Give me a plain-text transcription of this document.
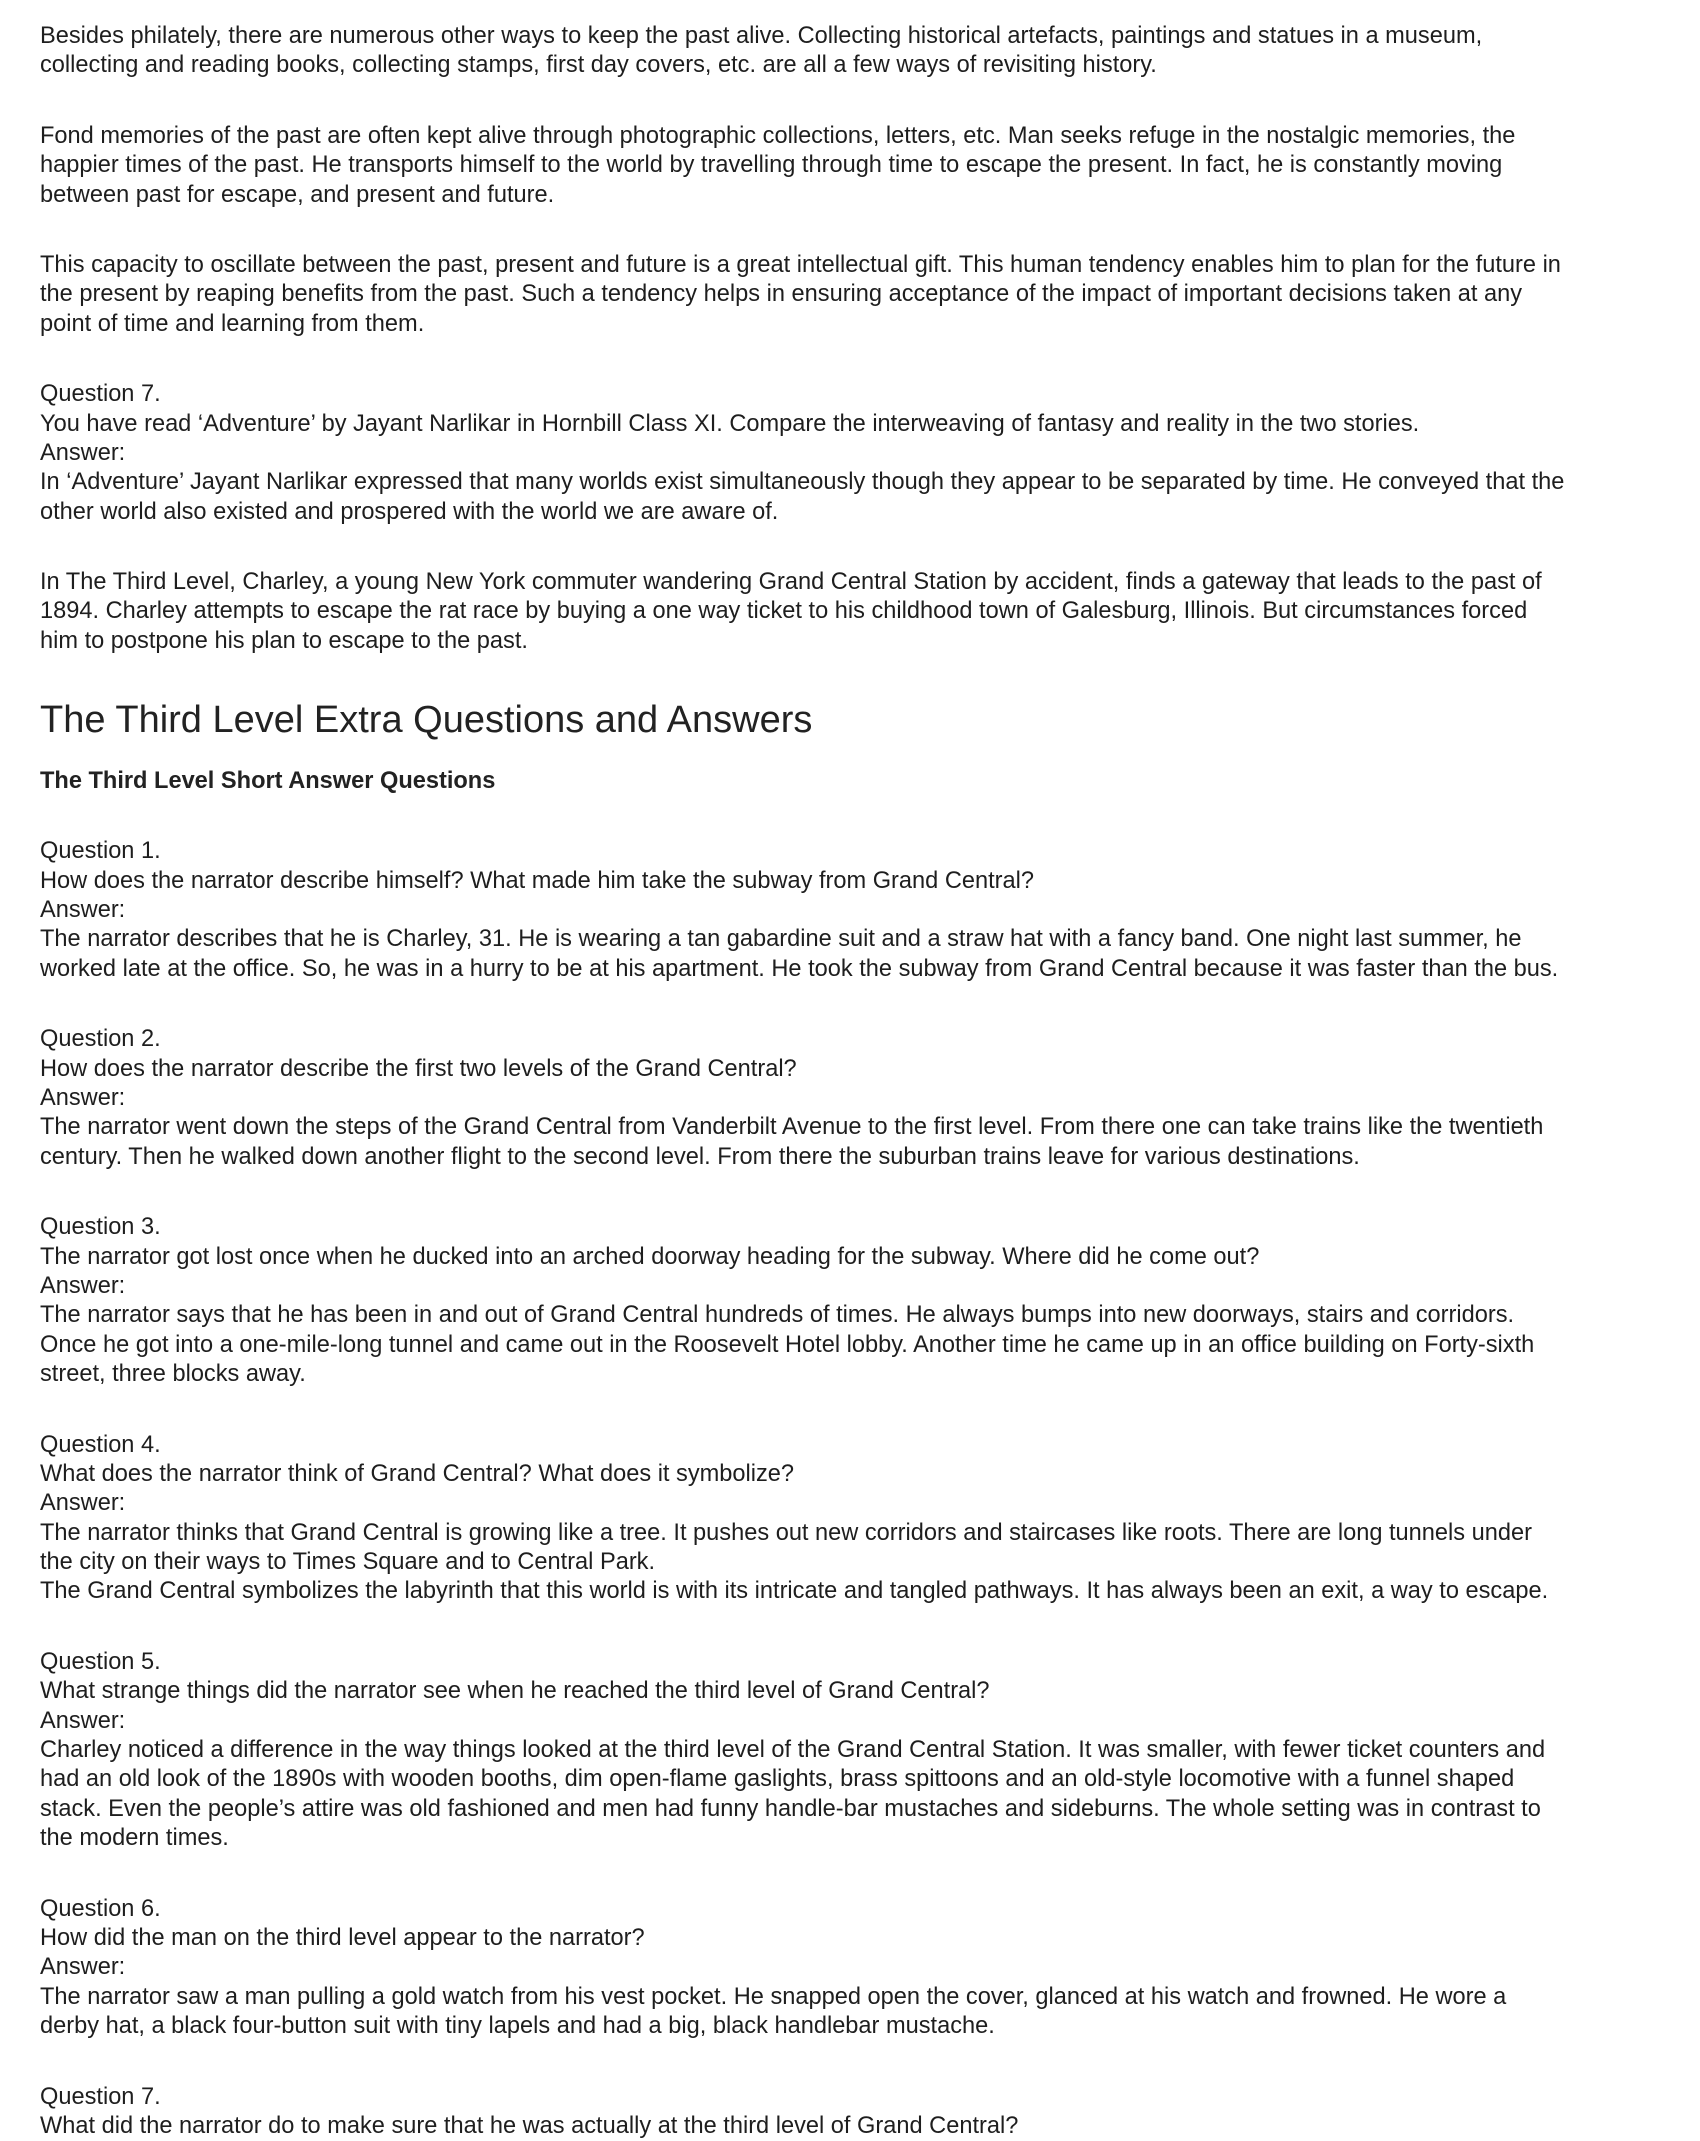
Besides philately, there are numerous other ways to keep the past alive. Collecting historical artefacts, paintings and statues in a museum,
collecting and reading books, collecting stamps, first day covers, etc. are all a few ways of revisiting history.
Fond memories of the past are often kept alive through photographic collections, letters, etc. Man seeks refuge in the nostalgic memories, the
happier times of the past. He transports himself to the world by travelling through time to escape the present. In fact, he is constantly moving
between past for escape, and present and future.
This capacity to oscillate between the past, present and future is a great intellectual gift. This human tendency enables him to plan for the future in
the present by reaping benefits from the past. Such a tendency helps in ensuring acceptance of the impact of important decisions taken at any
point of time and learning from them.
Question 7.
You have read ‘Adventure’ by Jayant Narlikar in Hornbill Class XI. Compare the interweaving of fantasy and reality in the two stories.
Answer:
In ‘Adventure’ Jayant Narlikar expressed that many worlds exist simultaneously though they appear to be separated by time. He conveyed that the
other world also existed and prospered with the world we are aware of.
In The Third Level, Charley, a young New York commuter wandering Grand Central Station by accident, finds a gateway that leads to the past of
1894. Charley attempts to escape the rat race by buying a one way ticket to his childhood town of Galesburg, Illinois. But circumstances forced
him to postpone his plan to escape to the past.
The Third Level Extra Questions and Answers
The Third Level Short Answer Questions
Question 1.
How does the narrator describe himself? What made him take the subway from Grand Central?
Answer:
The narrator describes that he is Charley, 31. He is wearing a tan gabardine suit and a straw hat with a fancy band. One night last summer, he
worked late at the office. So, he was in a hurry to be at his apartment. He took the subway from Grand Central because it was faster than the bus.
Question 2.
How does the narrator describe the first two levels of the Grand Central?
Answer:
The narrator went down the steps of the Grand Central from Vanderbilt Avenue to the first level. From there one can take trains like the twentieth
century. Then he walked down another flight to the second level. From there the suburban trains leave for various destinations.
Question 3.
The narrator got lost once when he ducked into an arched doorway heading for the subway. Where did he come out?
Answer:
The narrator says that he has been in and out of Grand Central hundreds of times. He always bumps into new doorways, stairs and corridors.
Once he got into a one-mile-long tunnel and came out in the Roosevelt Hotel lobby. Another time he came up in an office building on Forty-sixth
street, three blocks away.
Question 4.
What does the narrator think of Grand Central? What does it symbolize?
Answer:
The narrator thinks that Grand Central is growing like a tree. It pushes out new corridors and staircases like roots. There are long tunnels under
the city on their ways to Times Square and to Central Park.
The Grand Central symbolizes the labyrinth that this world is with its intricate and tangled pathways. It has always been an exit, a way to escape.
Question 5.
What strange things did the narrator see when he reached the third level of Grand Central?
Answer:
Charley noticed a difference in the way things looked at the third level of the Grand Central Station. It was smaller, with fewer ticket counters and
had an old look of the 1890s with wooden booths, dim open-flame gaslights, brass spittoons and an old-style locomotive with a funnel shaped
stack. Even the people’s attire was old fashioned and men had funny handle-bar mustaches and sideburns. The whole setting was in contrast to
the modern times.
Question 6.
How did the man on the third level appear to the narrator?
Answer:
The narrator saw a man pulling a gold watch from his vest pocket. He snapped open the cover, glanced at his watch and frowned. He wore a
derby hat, a black four-button suit with tiny lapels and had a big, black handlebar mustache.
Question 7.
What did the narrator do to make sure that he was actually at the third level of Grand Central?
